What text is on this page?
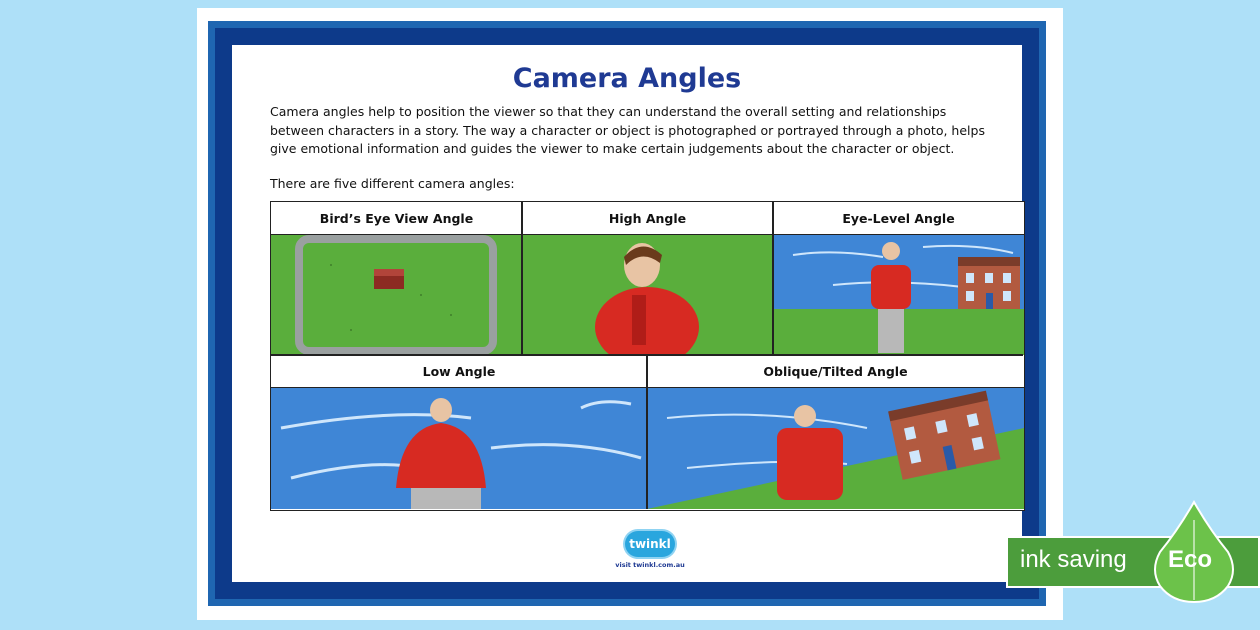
Camera Angles
Camera angles help to position the viewer so that they can understand the overall setting and relationships between characters in a story. The way a character or object is photographed or portrayed through a photo, helps give emotional information and guides the viewer to make certain judgements about the character or object.
There are five different camera angles:
Bird’s Eye View Angle	High Angle	Eye-Level Angle
Low Angle	Oblique/Tilted Angle
twinkl
visit twinkl.com.au	ink saving Eco
